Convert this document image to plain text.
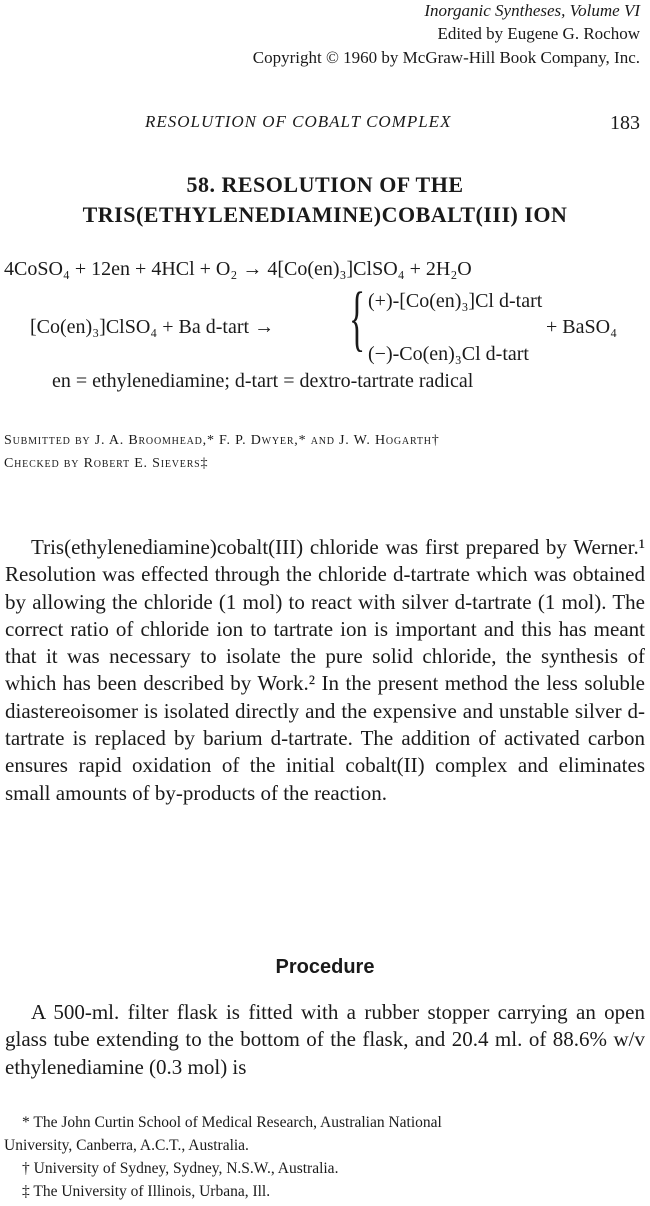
Inorganic Syntheses, Volume VI
Edited by Eugene G. Rochow
Copyright © 1960 by McGraw-Hill Book Company, Inc.
RESOLUTION OF COBALT COMPLEX	183
58. RESOLUTION OF THE
TRIS(ETHYLENEDIAMINE)COBALT(III) ION
4CoSO₄ + 12en + 4HCl + O₂ → 4[Co(en)₃]ClSO₄ + 2H₂O
[Co(en)₃]ClSO₄ + Ba d-tart → { (+)-[Co(en)₃]Cl d-tart
+ BaSO₄
(−)-Co(en)₃Cl d-tart
en = ethylenediamine; d-tart = dextro-tartrate radical
Submitted by J. A. Broomhead,* F. P. Dwyer,* and J. W. Hogarth†
Checked by Robert E. Sievers‡
Tris(ethylenediamine)cobalt(III) chloride was first prepared by Werner.¹ Resolution was effected through the chloride d-tartrate which was obtained by allowing the chloride (1 mol) to react with silver d-tartrate (1 mol). The correct ratio of chloride ion to tartrate ion is important and this has meant that it was necessary to isolate the pure solid chloride, the synthesis of which has been described by Work.² In the present method the less soluble diastereoisomer is isolated directly and the expensive and unstable silver d-tartrate is replaced by barium d-tartrate. The addition of activated carbon ensures rapid oxidation of the initial cobalt(II) complex and eliminates small amounts of by-products of the reaction.
Procedure
A 500-ml. filter flask is fitted with a rubber stopper carrying an open glass tube extending to the bottom of the flask, and 20.4 ml. of 88.6% w/v ethylenediamine (0.3 mol) is
* The John Curtin School of Medical Research, Australian National
University, Canberra, A.C.T., Australia.
† University of Sydney, Sydney, N.S.W., Australia.
‡ The University of Illinois, Urbana, Ill.
